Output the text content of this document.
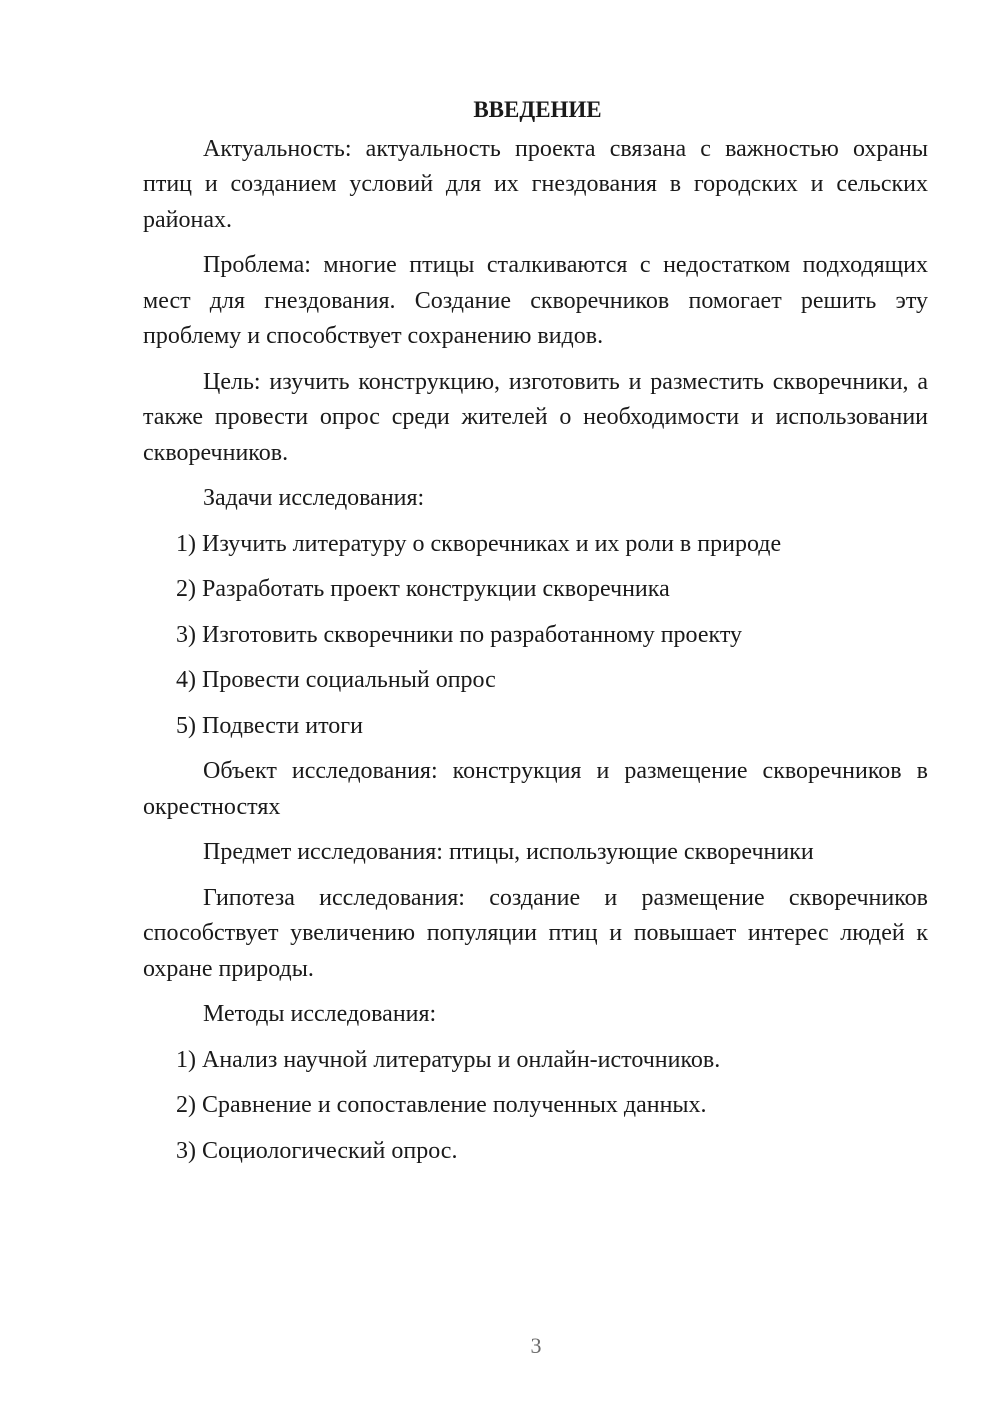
ВВЕДЕНИЕ

Актуальность: актуальность проекта связана с важностью охраны птиц и созданием условий для их гнездования в городских и сельских районах.

Проблема: многие птицы сталкиваются с недостатком подходящих мест для гнездования. Создание скворечников помогает решить эту проблему и способствует сохранению видов.

Цель: изучить конструкцию, изготовить и разместить скворечники, а также провести опрос среди жителей о необходимости и использовании скворечников.

Задачи исследования:

1) Изучить литературу о скворечниках и их роли в природе
2) Разработать проект конструкции скворечника
3) Изготовить скворечники по разработанному проекту
4) Провести социальный опрос
5) Подвести итоги

Объект исследования: конструкция и размещение скворечников в окрестностях

Предмет исследования: птицы, использующие скворечники

Гипотеза исследования: создание и размещение скворечников способствует увеличению популяции птиц и повышает интерес людей к охране природы.

Методы исследования:

1) Анализ научной литературы и онлайн-источников.
2) Сравнение и сопоставление полученных данных.
3) Социологический опрос.
3
